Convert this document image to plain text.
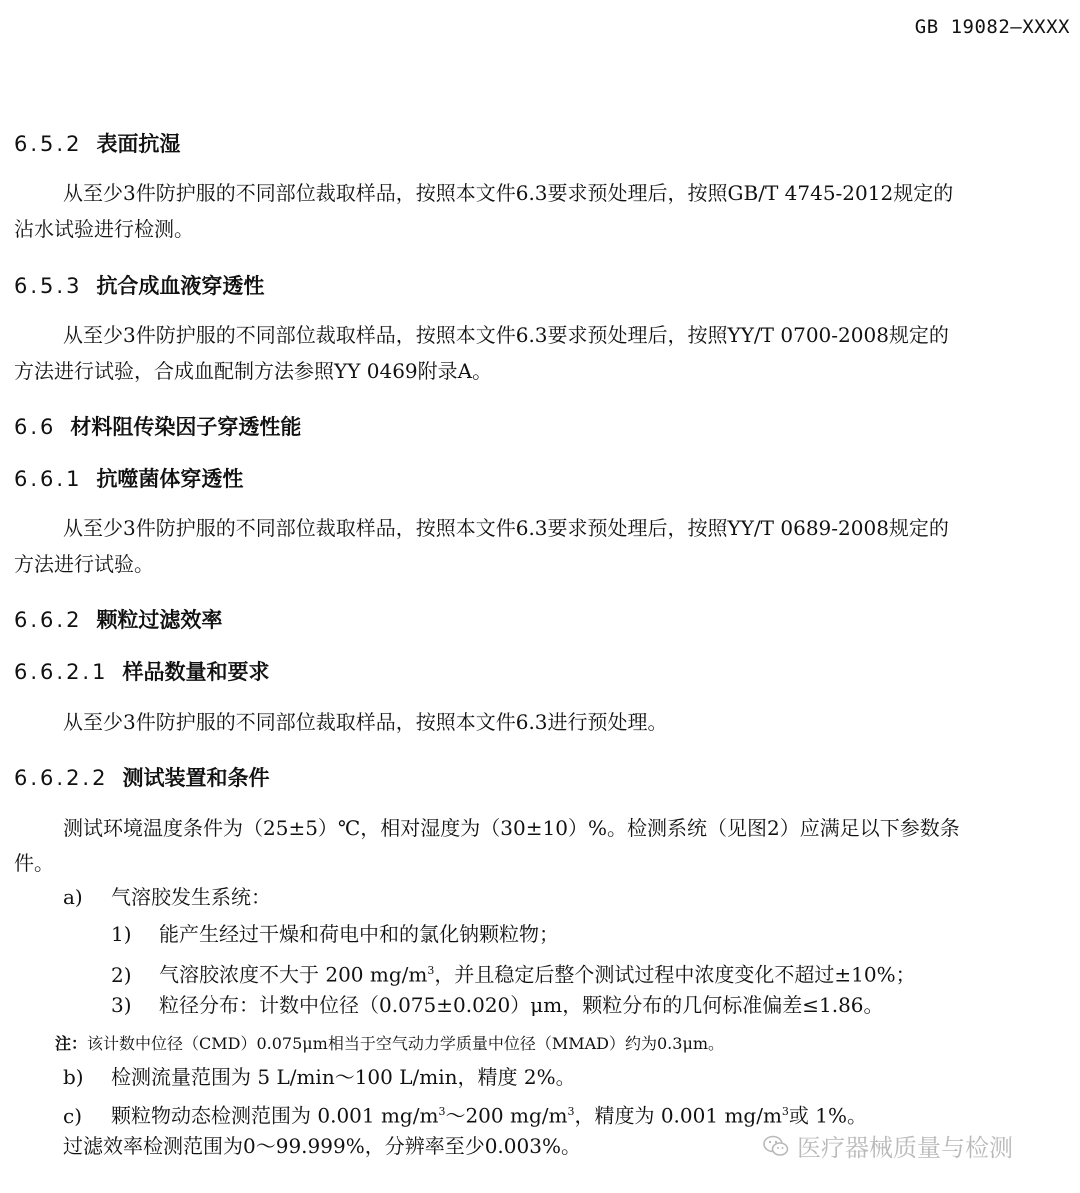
GB 19082—XXXX
6.5.2 表面抗湿
从至少3件防护服的不同部位裁取样品，按照本文件6.3要求预处理后，按照GB/T 4745-2012规定的
沾水试验进行检测。
6.5.3 抗合成血液穿透性
从至少3件防护服的不同部位裁取样品，按照本文件6.3要求预处理后，按照YY/T 0700-2008规定的
方法进行试验，合成血配制方法参照YY 0469附录A。
6.6 材料阻传染因子穿透性能
6.6.1 抗噬菌体穿透性
从至少3件防护服的不同部位裁取样品，按照本文件6.3要求预处理后，按照YY/T 0689-2008规定的
方法进行试验。
6.6.2 颗粒过滤效率
6.6.2.1 样品数量和要求
从至少3件防护服的不同部位裁取样品，按照本文件6.3进行预处理。
6.6.2.2 测试装置和条件
测试环境温度条件为（25±5）℃，相对湿度为（30±10）%。检测系统（见图2）应满足以下参数条
件。
a) 气溶胶发生系统：
1) 能产生经过干燥和荷电中和的氯化钠颗粒物；
2) 气溶胶浓度不大于 200 $mg/m^3$，并且稳定后整个测试过程中浓度变化不超过±10%；
3) 粒径分布：计数中位径（0.075±0.020）μm，颗粒分布的几何标准偏差≤1.86。
注：该计数中位径（CMD）0.075μm相当于空气动力学质量中位径（MMAD）约为0.3μm。
b) 检测流量范围为 5 L/min～100 L/min，精度 2%。
c) 颗粒物动态检测范围为 0.001 $mg/m^3\sim 200$ $mg/m^3$，精度为 0.001 $mg/m^3$或 1%。
过滤效率检测范围为0～99.999%，分辨率至少0.003%。	医疗器械质量与检测
